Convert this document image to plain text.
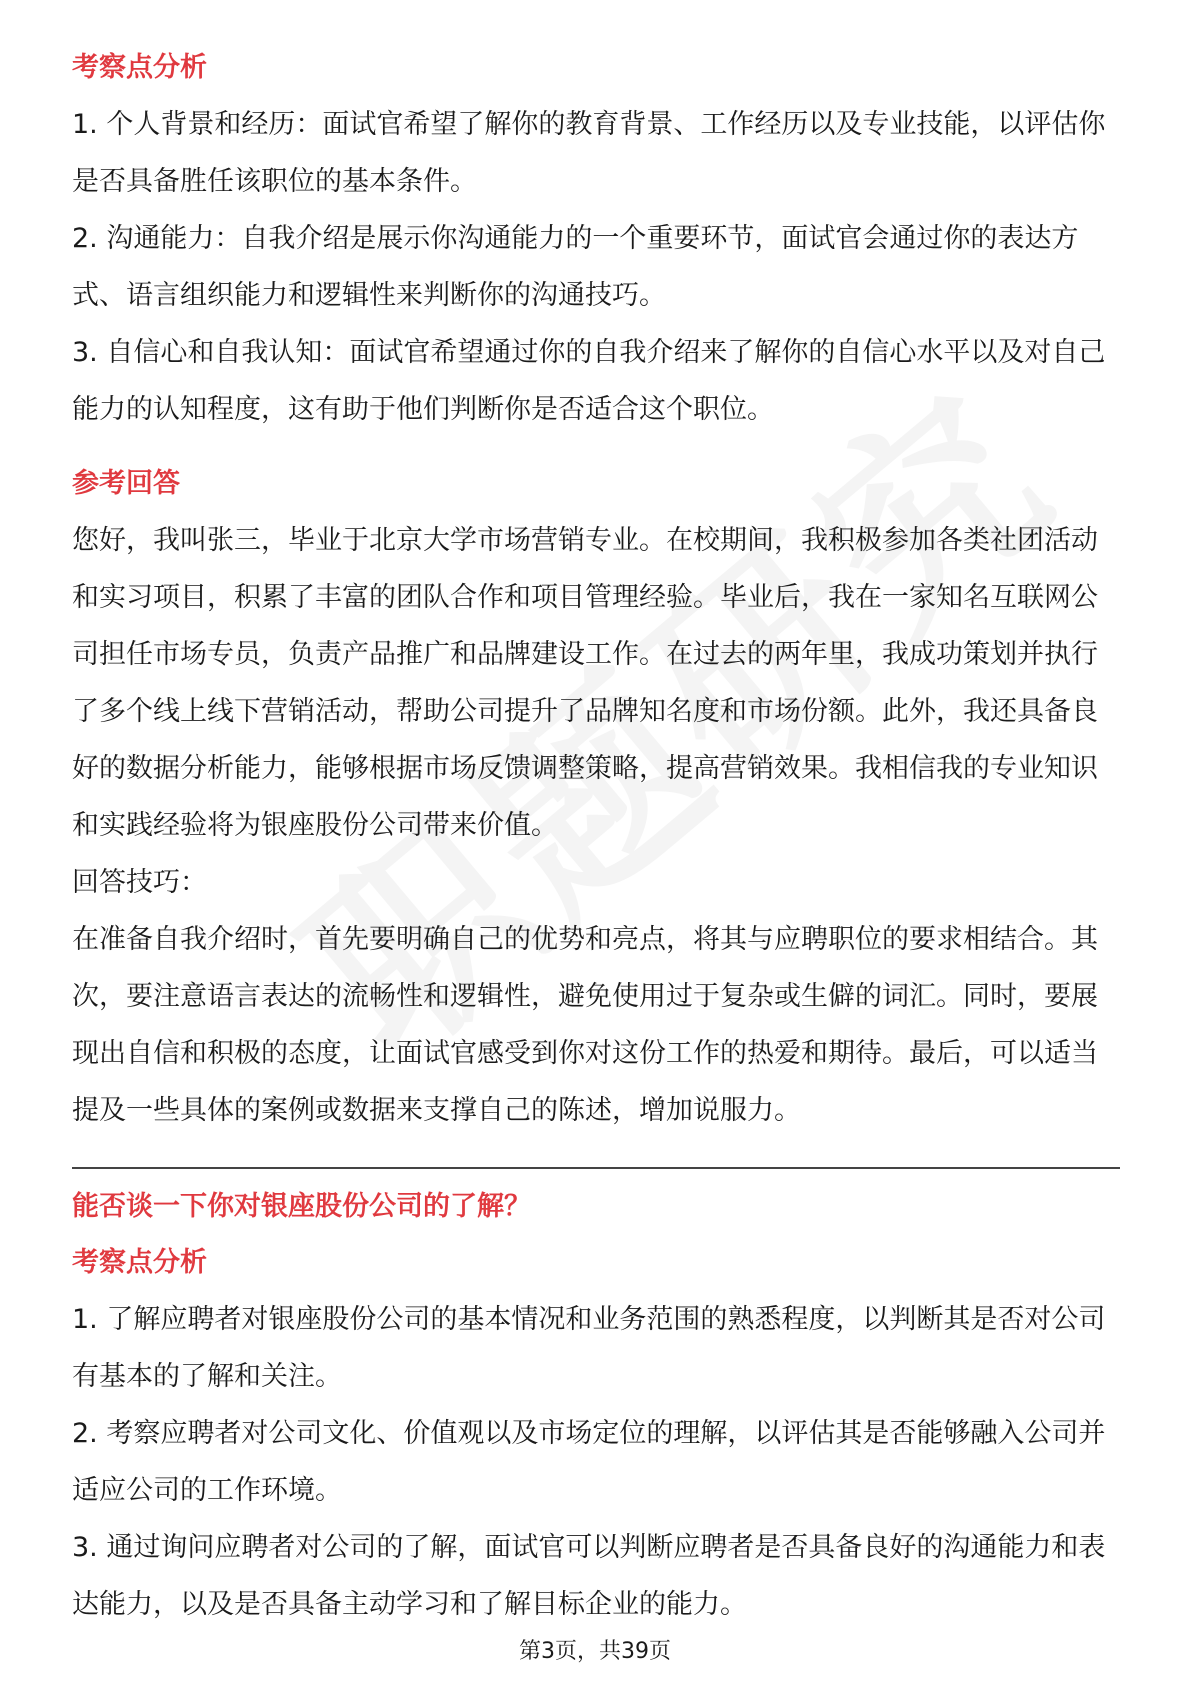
考察点分析

1. 个人背景和经历：面试官希望了解你的教育背景、工作经历以及专业技能，以评估你是否具备胜任该职位的基本条件。

2. 沟通能力：自我介绍是展示你沟通能力的一个重要环节，面试官会通过你的表达方式、语言组织能力和逻辑性来判断你的沟通技巧。

3. 自信心和自我认知：面试官希望通过你的自我介绍来了解你的自信心水平以及对自己能力的认知程度，这有助于他们判断你是否适合这个职位。

参考回答

您好，我叫张三，毕业于北京大学市场营销专业。在校期间，我积极参加各类社团活动和实习项目，积累了丰富的团队合作和项目管理经验。毕业后，我在一家知名互联网公司担任市场专员，负责产品推广和品牌建设工作。在过去的两年里，我成功策划并执行了多个线上线下营销活动，帮助公司提升了品牌知名度和市场份额。此外，我还具备良好的数据分析能力，能够根据市场反馈调整策略，提高营销效果。我相信我的专业知识和实践经验将为银座股份公司带来价值。

回答技巧：

在准备自我介绍时，首先要明确自己的优势和亮点，将其与应聘职位的要求相结合。其次，要注意语言表达的流畅性和逻辑性，避免使用过于复杂或生僻的词汇。同时，要展现出自信和积极的态度，让面试官感受到你对这份工作的热爱和期待。最后，可以适当提及一些具体的案例或数据来支撑自己的陈述，增加说服力。

能否谈一下你对银座股份公司的了解？
考察点分析

1. 了解应聘者对银座股份公司的基本情况和业务范围的熟悉程度，以判断其是否对公司有基本的了解和关注。

2. 考察应聘者对公司文化、价值观以及市场定位的理解，以评估其是否能够融入公司并适应公司的工作环境。

3. 通过询问应聘者对公司的了解，面试官可以判断应聘者是否具备良好的沟通能力和表达能力，以及是否具备主动学习和了解目标企业的能力。

第3页，共39页
